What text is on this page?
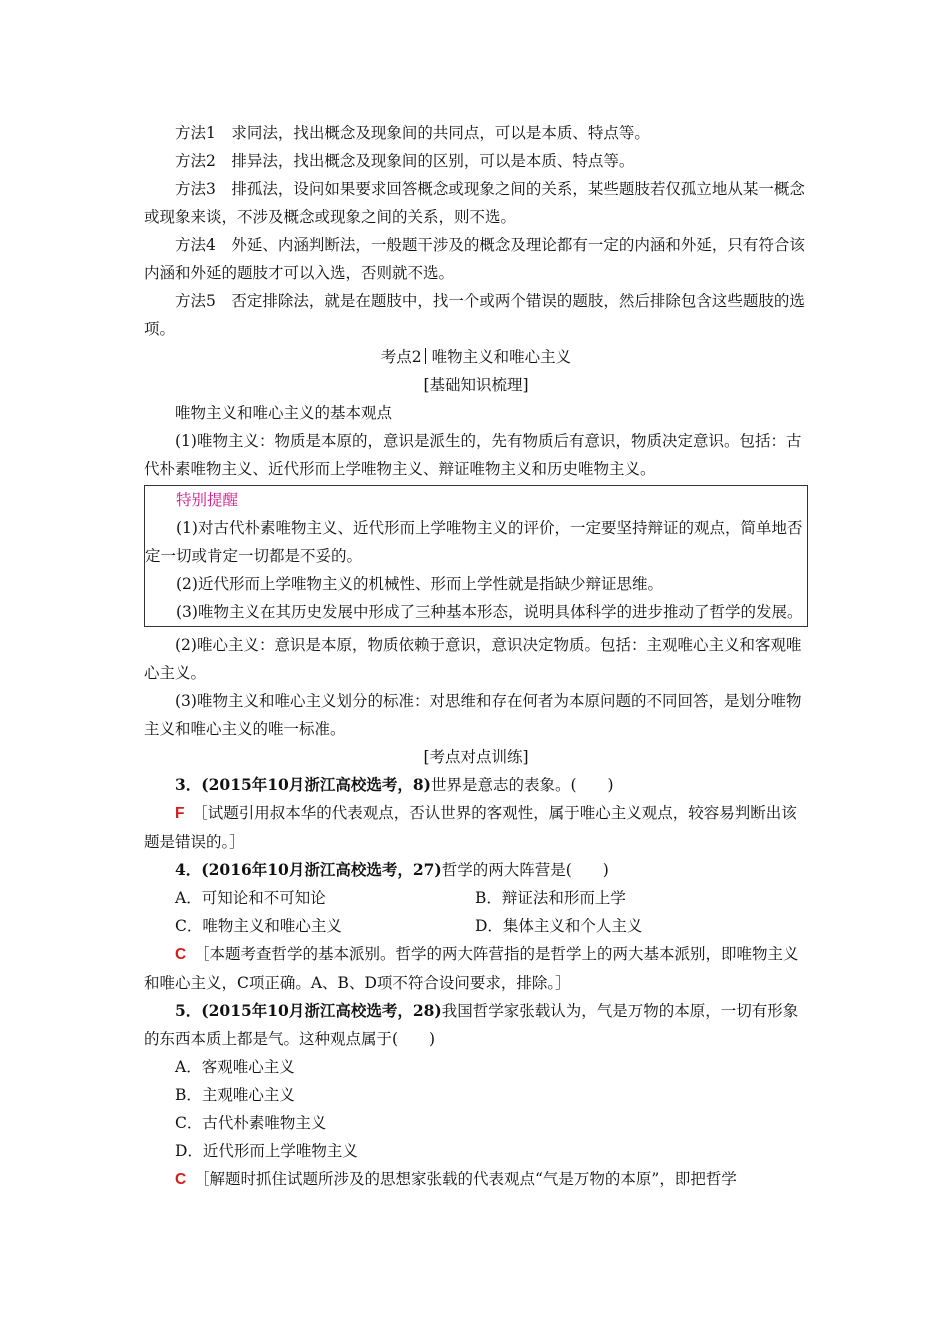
方法1　求同法，找出概念及现象间的共同点，可以是本质、特点等。

方法2　排异法，找出概念及现象间的区别，可以是本质、特点等。

方法3　排孤法，设问如果要求回答概念或现象之间的关系，某些题肢若仅孤立地从某一概念或现象来谈，不涉及概念或现象之间的关系，则不选。

方法4　外延、内涵判断法，一般题干涉及的概念及理论都有一定的内涵和外延，只有符合该内涵和外延的题肢才可以入选，否则就不选。

方法5　否定排除法，就是在题肢中，找一个或两个错误的题肢，然后排除包含这些题肢的选项。

考点2 唯物主义和唯心主义

[基础知识梳理]

唯物主义和唯心主义的基本观点

(1)唯物主义：物质是本原的，意识是派生的，先有物质后有意识，物质决定意识。包括：古代朴素唯物主义、近代形而上学唯物主义、辩证唯物主义和历史唯物主义。

特别提醒

(1)对古代朴素唯物主义、近代形而上学唯物主义的评价，一定要坚持辩证的观点，简单地否定一切或肯定一切都是不妥的。

(2)近代形而上学唯物主义的机械性、形而上学性就是指缺少辩证思维。

(3)唯物主义在其历史发展中形成了三种基本形态，说明具体科学的进步推动了哲学的发展。

(2)唯心主义：意识是本原，物质依赖于意识，意识决定物质。包括：主观唯心主义和客观唯心主义。

(3)唯物主义和唯心主义划分的标准：对思维和存在何者为本原问题的不同回答，是划分唯物主义和唯心主义的唯一标准。

[考点对点训练]

3．(2015年10月浙江高校选考，8)世界是意志的表象。(　　)

F　 ［试题引用叔本华的代表观点，否认世界的客观性，属于唯心主义观点，较容易判断出该题是错误的。］

4．(2016年10月浙江高校选考，27)哲学的两大阵营是(　　)

A．可知论和不可知论	B．辩证法和形而上学

C．唯物主义和唯心主义	D．集体主义和个人主义

C　 ［本题考查哲学的基本派别。哲学的两大阵营指的是哲学上的两大基本派别，即唯物主义和唯心主义，C项正确。A、B、D项不符合设问要求，排除。］

5．(2015年10月浙江高校选考，28)我国哲学家张载认为，气是万物的本原，一切有形象的东西本质上都是气。这种观点属于(　　)

A．客观唯心主义

B．主观唯心主义

C．古代朴素唯物主义

D．近代形而上学唯物主义

C　 ［解题时抓住试题所涉及的思想家张载的代表观点“气是万物的本原”，即把哲学
